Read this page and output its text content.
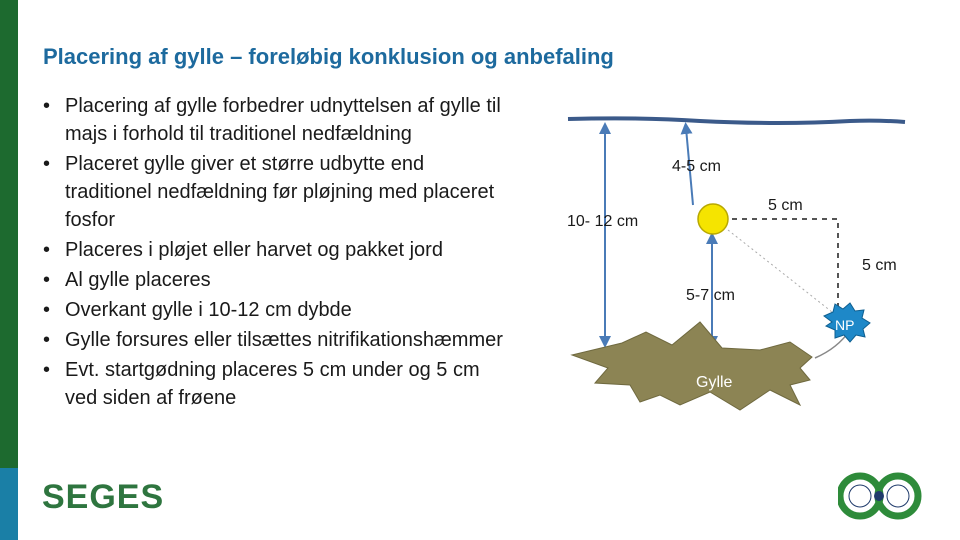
Placering af gylle – foreløbig konklusion og anbefaling
• Placering af gylle forbedrer udnyttelsen af gylle til majs i forhold til traditionel nedfældning
• Placeret gylle giver et større udbytte end traditionel nedfældning før pløjning med placeret fosfor
• Placeres i pløjet eller harvet og pakket jord
• Al gylle placeres
• Overkant gylle i 10-12 cm dybde
• Gylle forsures eller tilsættes nitrifikationshæmmer
• Evt. startgødning placeres 5 cm under og 5 cm ved siden af frøene
SEGES
10- 12 cm
4-5 cm
5 cm
5 cm
5-7 cm
NP
Gylle
